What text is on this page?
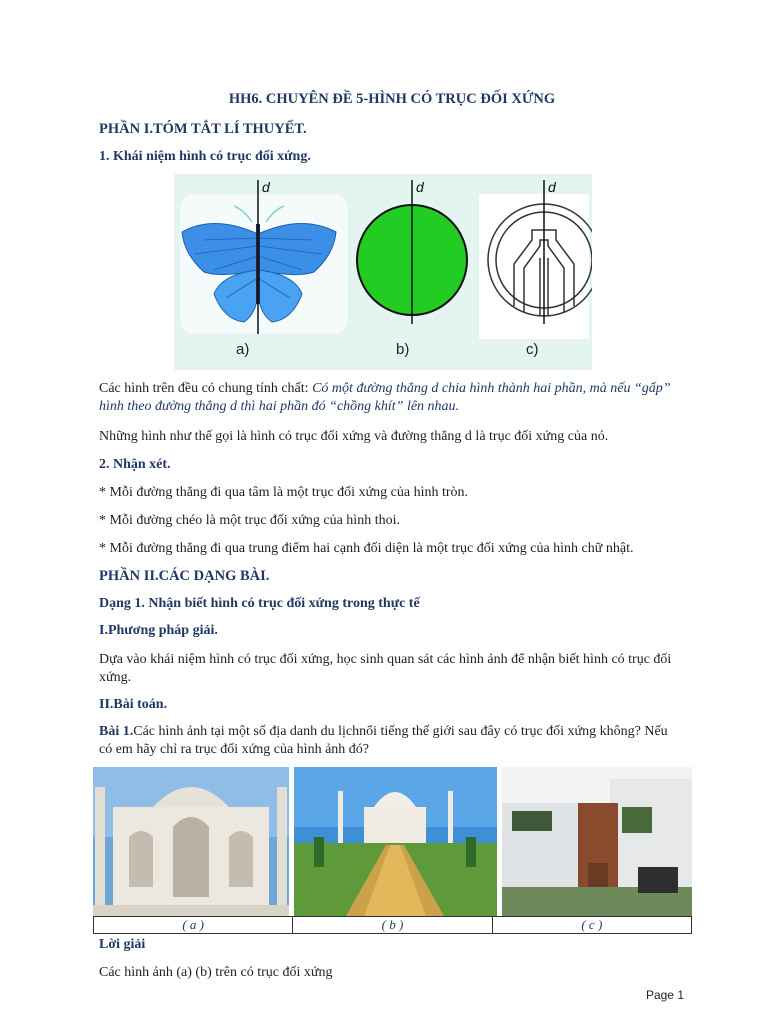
HH6. CHUYÊN ĐỀ 5-HÌNH CÓ TRỤC ĐỐI XỨNG
PHẦN I.TÓM TẮT LÍ THUYẾT.
1. Khái niệm hình có trục đối xứng.
d	d	d
a)	b)	c)
Các hình trên đều có chung tính chất: Có một đường thẳng d chia hình thành hai phần, mà nếu “gấp”
hình theo đường thẳng d thì hai phần đó “chồng khít” lên nhau.
Những hình như thế gọi là hình có trục đối xứng và đường thẳng d là trục đối xứng của nó.
2. Nhận xét.
* Mỗi đường thẳng đi qua tâm là một trục đối xứng của hình tròn.
* Mỗi đường chéo là một trục đối xứng của hình thoi.
* Mỗi đường thẳng đi qua trung điểm hai cạnh đối diện là một trục đối xứng của hình chữ nhật.
PHẦN II.CÁC DẠNG BÀI.
Dạng 1. Nhận biết hình có trục đối xứng trong thực tế
I.Phương pháp giải.
Dựa vào khái niệm hình có trục đối xứng, học sinh quan sát các hình ảnh để nhận biết hình có trục đối
xứng.
II.Bài toán.
Bài 1.Các hình ảnh tại một số địa danh du lịchnổi tiếng thế giới sau đây có trục đối xứng không? Nếu
có em hãy chỉ ra trục đối xứng của hình ảnh đó?
( a )	( b )	( c )
Lời giải
Các hình ảnh (a) (b) trên có trục đối xứng
Page 1
